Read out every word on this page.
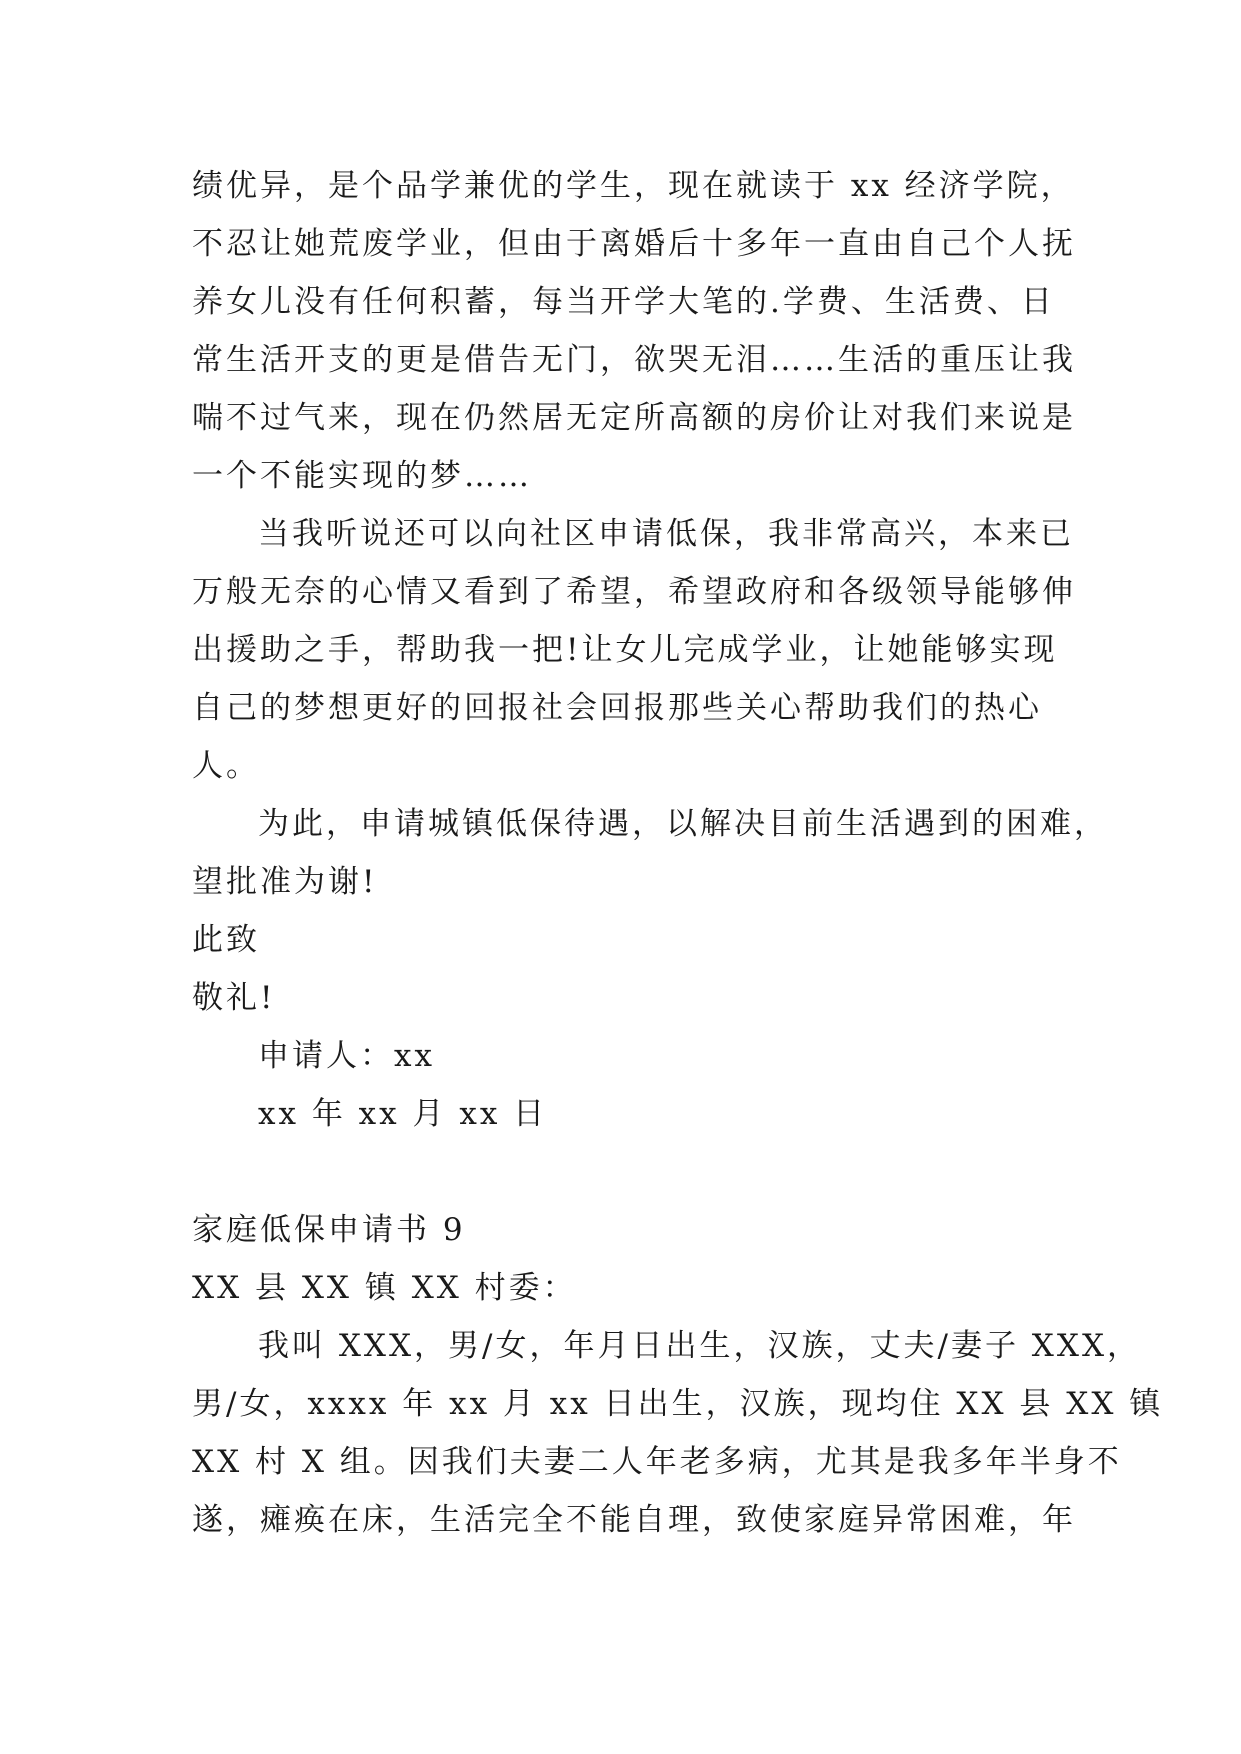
绩优异，是个品学兼优的学生，现在就读于 xx 经济学院，
不忍让她荒废学业，但由于离婚后十多年一直由自己个人抚
养女儿没有任何积蓄，每当开学大笔的.学费、生活费、日
常生活开支的更是借告无门，欲哭无泪……生活的重压让我
喘不过气来，现在仍然居无定所高额的房价让对我们来说是
一个不能实现的梦……
当我听说还可以向社区申请低保，我非常高兴，本来已
万般无奈的心情又看到了希望，希望政府和各级领导能够伸
出援助之手，帮助我一把!让女儿完成学业，让她能够实现
自己的梦想更好的回报社会回报那些关心帮助我们的热心
人。
为此，申请城镇低保待遇，以解决目前生活遇到的困难，
望批准为谢!
此致
敬礼!
申请人：xx
xx 年 xx 月 xx 日
家庭低保申请书 9
XX 县 XX 镇 XX 村委：
我叫 XXX，男/女，年月日出生，汉族，丈夫/妻子 XXX，
男/女，xxxx 年 xx 月 xx 日出生，汉族，现均住 XX 县 XX 镇
XX 村 X 组。因我们夫妻二人年老多病，尤其是我多年半身不
遂，瘫痪在床，生活完全不能自理，致使家庭异常困难，年
